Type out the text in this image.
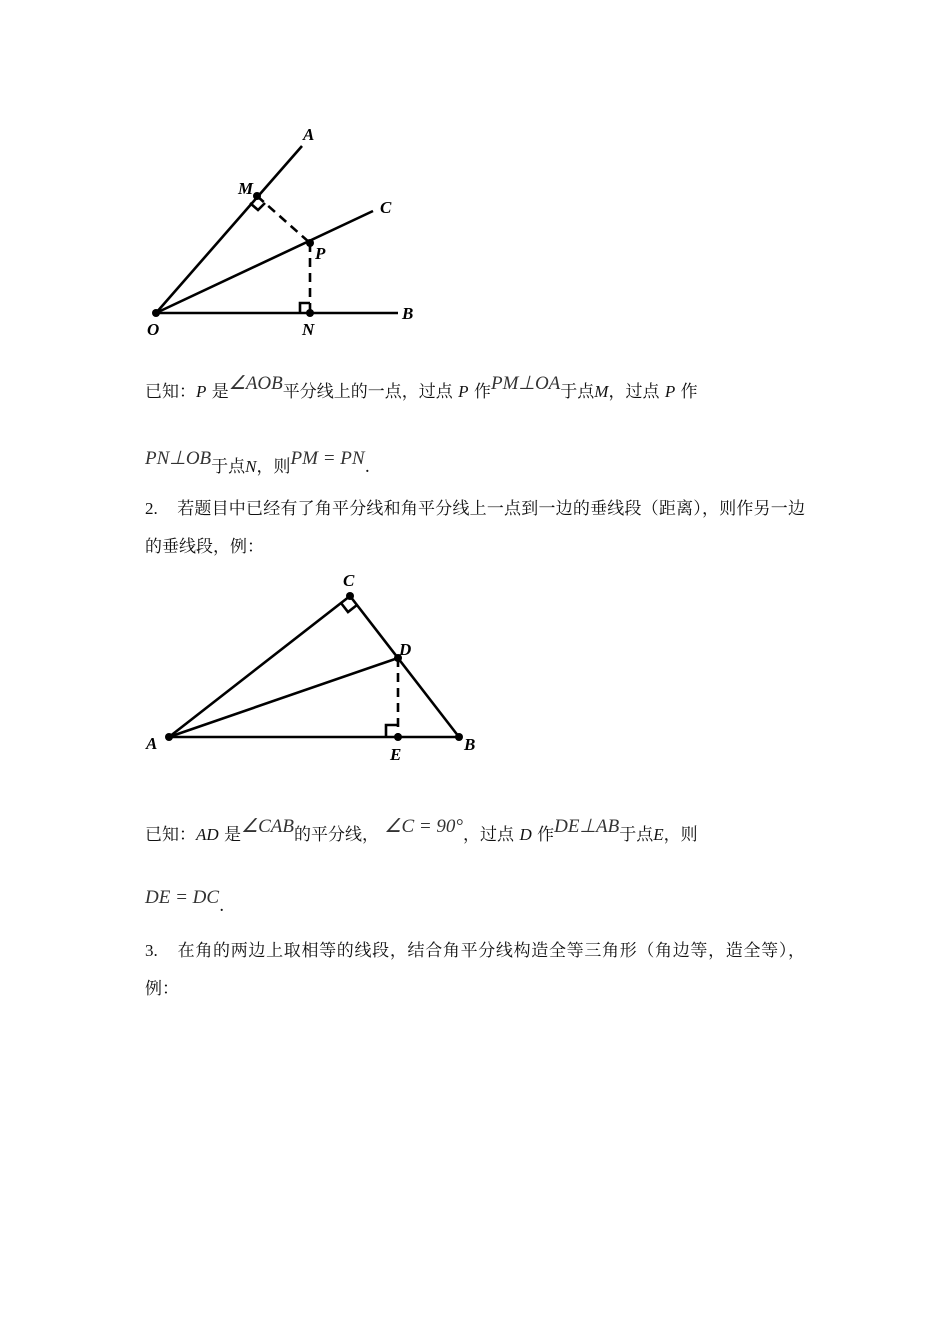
A
M
C
P
O	N
B
已知：P 是∠AOB平分线上的一点，过点 P 作PM⊥OA于点M，过点 P 作
PN⊥OB于点N，则PM = PN.
2. 若题目中已经有了角平分线和角平分线上一点到一边的垂线段（距离），则作另一边的垂线段，例：
C
D
A
E
B
已知：AD 是∠CAB的平分线， ∠C = 90°，过点 D 作DE⊥AB于点E，则
DE = DC.
3. 在角的两边上取相等的线段，结合角平分线构造全等三角形（角边等，造全等），例：
